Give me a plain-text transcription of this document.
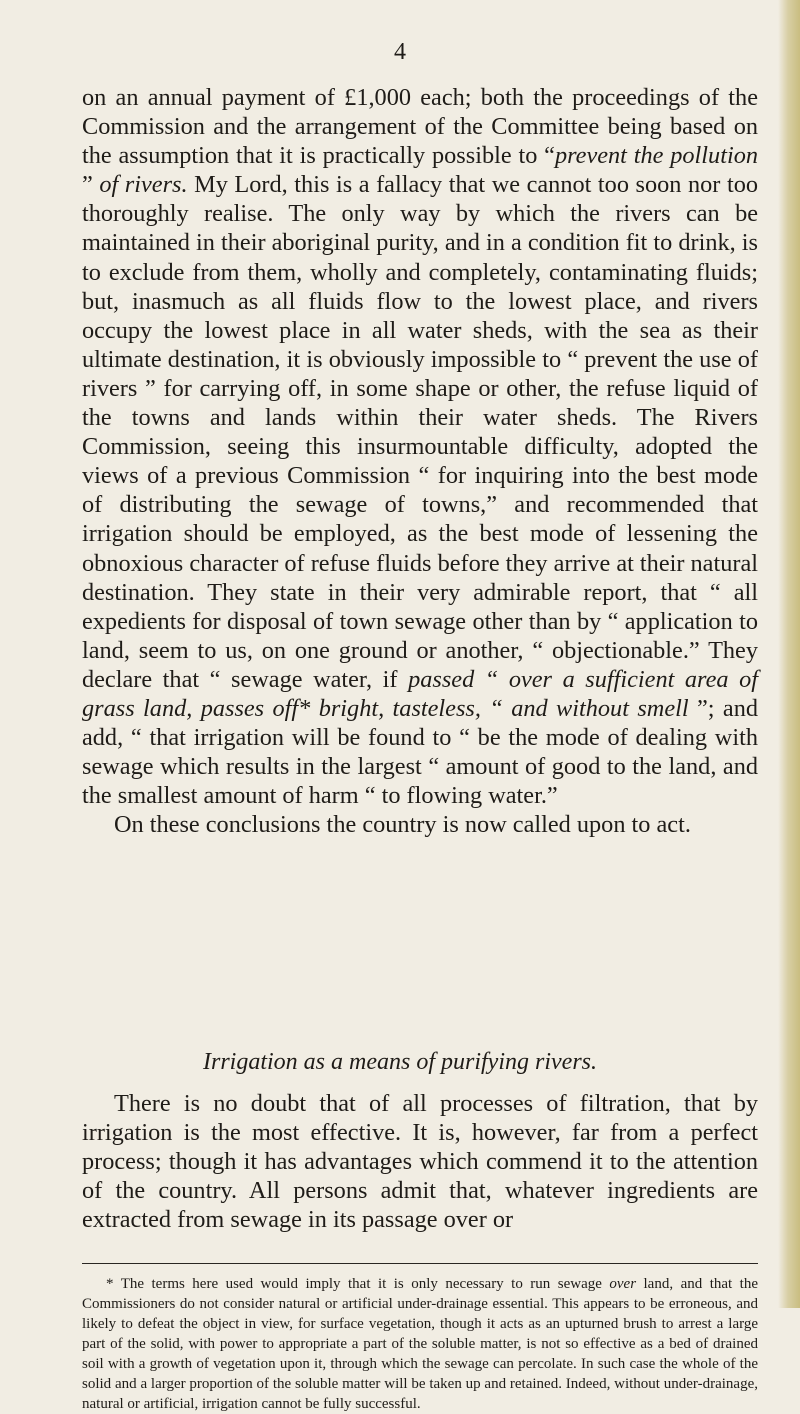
4

on an annual payment of £1,000 each; both the proceedings of the Commission and the arrangement of the Committee being based on the assumption that it is practically possible to “prevent the pollution ” of rivers. My Lord, this is a fallacy that we cannot too soon nor too thoroughly realise. The only way by which the rivers can be maintained in their aboriginal purity, and in a condition fit to drink, is to exclude from them, wholly and completely, contaminating fluids; but, inasmuch as all fluids flow to the lowest place, and rivers occupy the lowest place in all water sheds, with the sea as their ultimate destination, it is obviously impossible to “ prevent the use of rivers ” for carrying off, in some shape or other, the refuse liquid of the towns and lands within their water sheds. The Rivers Commission, seeing this insurmountable difficulty, adopted the views of a previous Commission “ for inquiring into the best mode of distributing the sewage of towns,” and recommended that irrigation should be employed, as the best mode of lessening the obnoxious character of refuse fluids before they arrive at their natural destination. They state in their very admirable report, that “ all expedients for disposal of town sewage other than by “ application to land, seem to us, on one ground or another, “ objectionable.” They declare that “ sewage water, if passed “ over a sufficient area of grass land, passes off* bright, tasteless, “ and without smell ”; and add, “ that irrigation will be found to “ be the mode of dealing with sewage which results in the largest “ amount of good to the land, and the smallest amount of harm “ to flowing water.”

On these conclusions the country is now called upon to act.

Irrigation as a means of purifying rivers.

There is no doubt that of all processes of filtration, that by irrigation is the most effective. It is, however, far from a perfect process; though it has advantages which commend it to the attention of the country. All persons admit that, whatever ingredients are extracted from sewage in its passage over or

* The terms here used would imply that it is only necessary to run sewage over land, and that the Commissioners do not consider natural or artificial under-drainage essential. This appears to be erroneous, and likely to defeat the object in view, for surface vegetation, though it acts as an upturned brush to arrest a large part of the solid, with power to appropriate a part of the soluble matter, is not so effective as a bed of drained soil with a growth of vegetation upon it, through which the sewage can percolate. In such case the whole of the solid and a larger proportion of the soluble matter will be taken up and retained. Indeed, without under-drainage, natural or artificial, irrigation cannot be fully successful.
